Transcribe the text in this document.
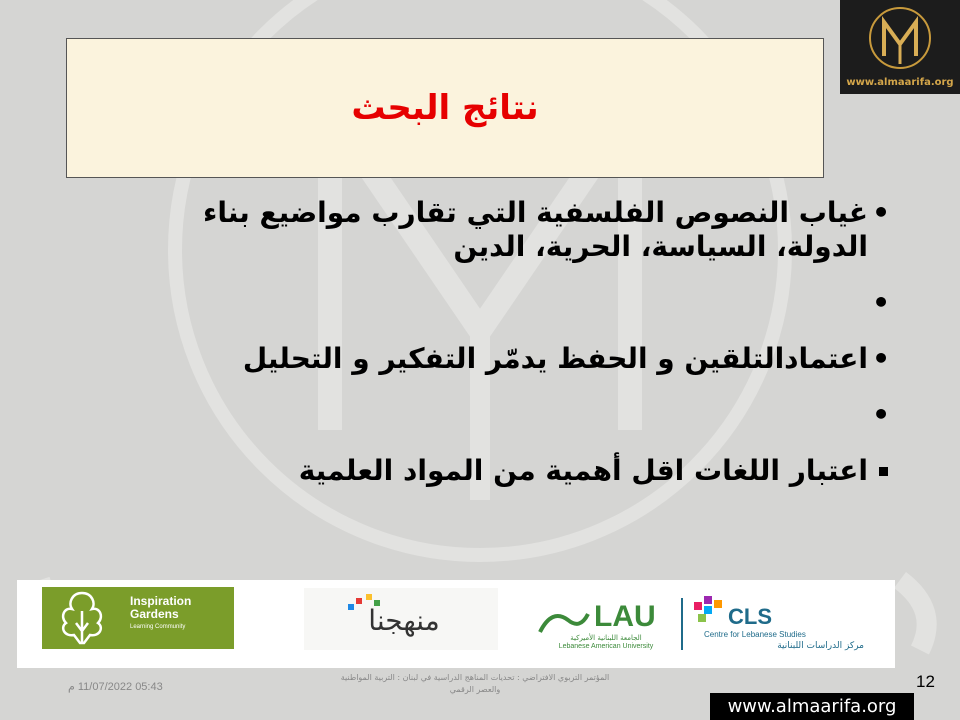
نتائج البحث
www.almaarifa.org

•
غياب النصوص الفلسفية التي تقارب مواضيع بناء

الدولة، السياسة، الحرية، الدين

•

•
اعتمادالتلقين و الحفظ يدمّر التفكير و التحليل

•

اعتبار اللغات اقل أهمية من المواد العلمية

Inspiration
Gardens
Learning Community	منهجنا	LAU
الجامعة اللبنانية الأميركية
Lebanese American University
CLS
Centre for Lebanese Studies
مركز الدراسات اللبنانية
12
05:43 11/07/2022 م
المؤتمر التربوي الافتراضي : تحديات المناهج الدراسية في لبنان : التربية المواطنية والعصر الرقمي
www.almaarifa.org
